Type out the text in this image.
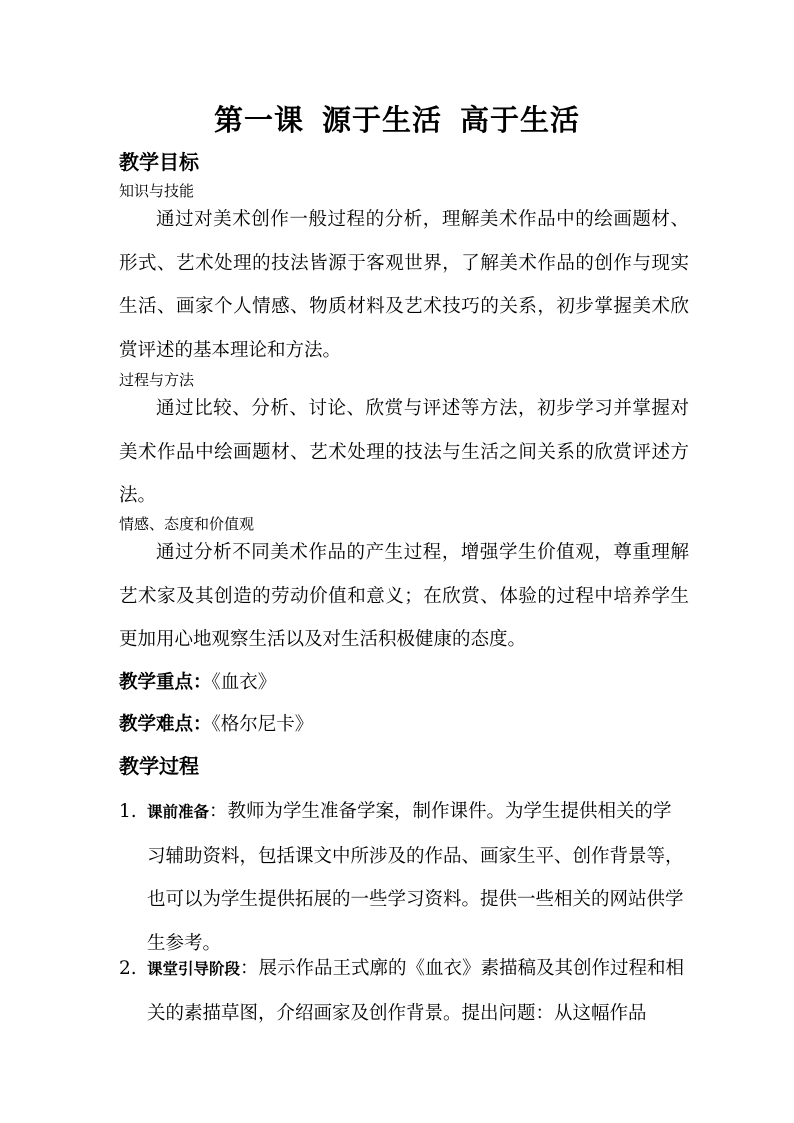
第一课 源于生活 高于生活
教学目标
知识与技能

通过对美术创作一般过程的分析，理解美术作品中的绘画题材、形式、艺术处理的技法皆源于客观世界，了解美术作品的创作与现实生活、画家个人情感、物质材料及艺术技巧的关系，初步掌握美术欣赏评述的基本理论和方法。

过程与方法

通过比较、分析、讨论、欣赏与评述等方法，初步学习并掌握对美术作品中绘画题材、艺术处理的技法与生活之间关系的欣赏评述方法。

情感、态度和价值观

通过分析不同美术作品的产生过程，增强学生价值观，尊重理解艺术家及其创造的劳动价值和意义；在欣赏、体验的过程中培养学生更加用心地观察生活以及对生活积极健康的态度。

教学重点：《血衣》
教学难点：《格尔尼卡》
教学过程

1. 课前准备：教师为学生准备学案，制作课件。为学生提供相关的学习辅助资料，包括课文中所涉及的作品、画家生平、创作背景等，也可以为学生提供拓展的一些学习资料。提供一些相关的网站供学生参考。

2. 课堂引导阶段：展示作品王式廓的《血衣》素描稿及其创作过程和相关的素描草图，介绍画家及创作背景。提出问题：从这幅作品
